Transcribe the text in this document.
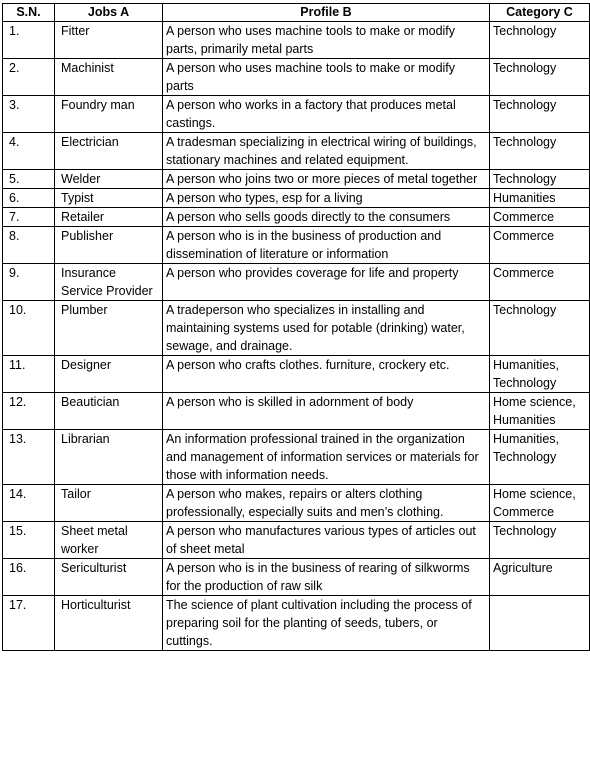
S.N.	Jobs A	Profile B	Category C
1.	Fitter	A person who uses machine tools to make or modify parts, primarily metal parts	Technology
2.	Machinist	A person who uses machine tools to make or modify parts	Technology
3.	Foundry man	A person who works in a factory that produces metal castings.	Technology
4.	Electrician	A tradesman specializing in electrical wiring of buildings, stationary machines and related equipment.	Technology
5.	Welder	A person who joins two or more pieces of metal together	Technology
6.	Typist	A person who types, esp for a living	Humanities
7.	Retailer	A person who sells goods directly to the consumers	Commerce
8.	Publisher	A person who is in the business of production and dissemination of literature or information	Commerce
9.	Insurance Service Provider	A person who provides coverage for life and property	Commerce
10.	Plumber	A tradeperson who specializes in installing and maintaining systems used for potable (drinking) water, sewage, and drainage.	Technology
11.	Designer	A person who crafts clothes. furniture, crockery etc.	Humanities, Technology
12.	Beautician	A person who is skilled in adornment of body	Home science, Humanities
13.	Librarian	An information professional trained in the organization and management of information services or materials for those with information needs.	Humanities, Technology
14.	Tailor	A person who makes, repairs or alters clothing professionally, especially suits and men’s clothing.	Home science, Commerce
15.	Sheet metal worker	A person who manufactures various types of articles out of sheet metal	Technology
16.	Sericulturist	A person who is in the business of rearing of silkworms for the production of raw silk	Agriculture
17.	Horticulturist	The science of plant cultivation including the process of preparing soil for the planting of seeds, tubers, or cuttings.	
